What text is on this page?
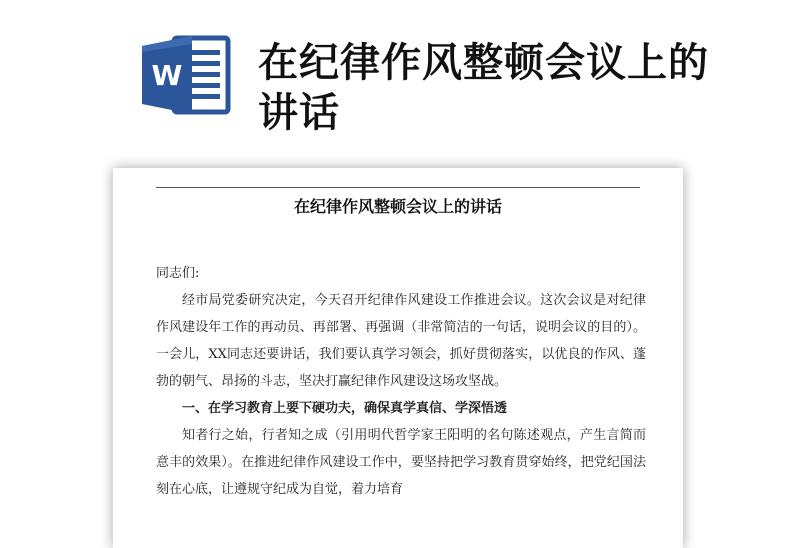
W 在纪律作风整顿会议上的讲话
在纪律作风整顿会议上的讲话

同志们:

经市局党委研究决定，今天召开纪律作风建设工作推进会议。这次会议是对纪律作风建设年工作的再动员、再部署、再强调（非常简洁的一句话，说明会议的目的）。一会儿，XX同志还要讲话，我们要认真学习领会，抓好贯彻落实，以优良的作风、蓬勃的朝气、昂扬的斗志，坚决打赢纪律作风建设这场攻坚战。

一、在学习教育上要下硬功夫，确保真学真信、学深悟透

知者行之始，行者知之成（引用明代哲学家王阳明的名句陈述观点，产生言简而意丰的效果）。在推进纪律作风建设工作中，要坚持把学习教育贯穿始终，把党纪国法刻在心底，让遵规守纪成为自觉，着力培育
